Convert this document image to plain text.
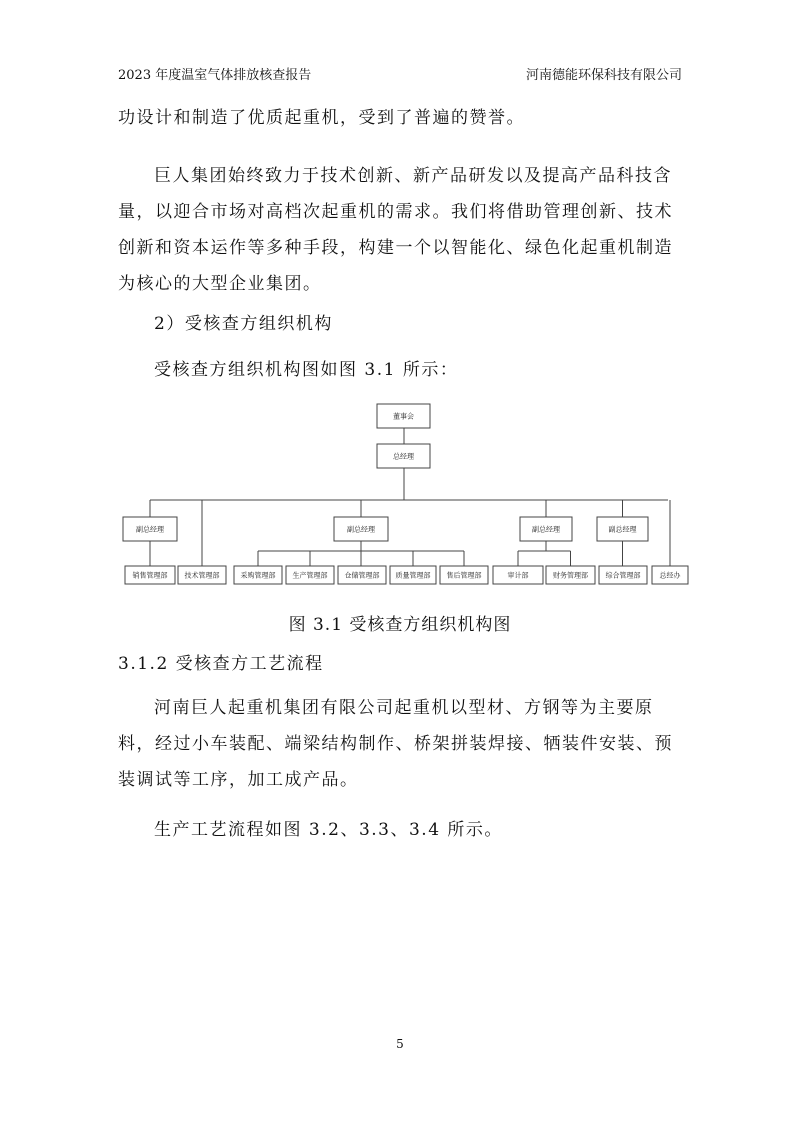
2023 年度温室气体排放核查报告	河南德能环保科技有限公司

功设计和制造了优质起重机，受到了普遍的赞誉。

巨人集团始终致力于技术创新、新产品研发以及提高产品科技含量，以迎合市场对高档次起重机的需求。我们将借助管理创新、技术创新和资本运作等多种手段，构建一个以智能化、绿色化起重机制造为核心的大型企业集团。

2）受核查方组织机构

受核查方组织机构图如图 3.1 所示：

董事会
总经理
副总经理	副总经理	副总经理	副总经理
销售管理部 技术管理部	采购管理部 生产管理部 仓储管理部 质量管理部 售后管理部	审计部	财务管理部	综合管理部	总经办
图 3.1 受核查方组织机构图

3.1.2 受核查方工艺流程

河南巨人起重机集团有限公司起重机以型材、方钢等为主要原料，经过小车装配、端梁结构制作、桥架拼装焊接、牺装件安装、预装调试等工序，加工成产品。

生产工艺流程如图 3.2、3.3、3.4 所示。

5
